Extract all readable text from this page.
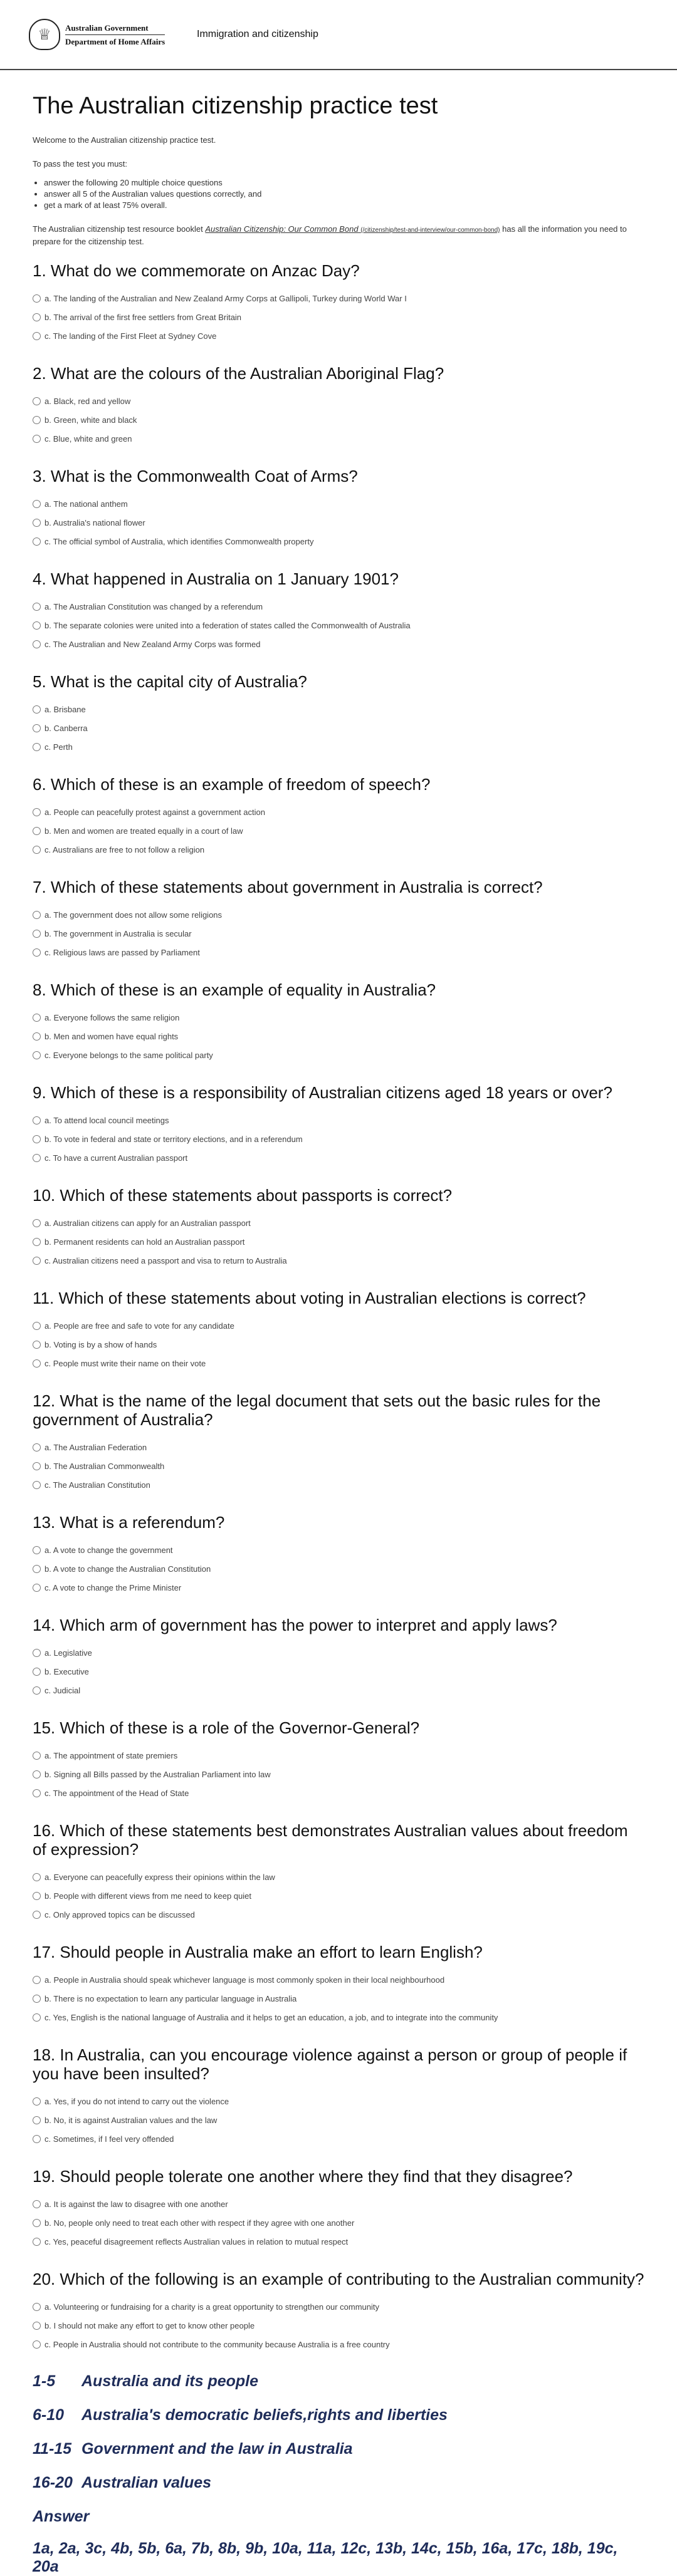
♕	Australian Government
Department of Home Affairs
Immigration and citizenship
The Australian citizenship practice test

Welcome to the Australian citizenship practice test.

To pass the test you must:

• answer the following 20 multiple choice questions
• answer all 5 of the Australian values questions correctly, and
• get a mark of at least 75% overall.

The Australian citizenship test resource booklet Australian Citizenship: Our Common Bond (/citizenship/test-and-interview/our-common-bond) has all the information you need to prepare for the citizenship test.

1. What do we commemorate on Anzac Day?
a. The landing of the Australian and New Zealand Army Corps at Gallipoli, Turkey during World War I
b. The arrival of the first free settlers from Great Britain
c. The landing of the First Fleet at Sydney Cove
2. What are the colours of the Australian Aboriginal Flag?
a. Black, red and yellow
b. Green, white and black
c. Blue, white and green
3. What is the Commonwealth Coat of Arms?
a. The national anthem
b. Australia's national flower
c. The official symbol of Australia, which identifies Commonwealth property
4. What happened in Australia on 1 January 1901?
a. The Australian Constitution was changed by a referendum
b. The separate colonies were united into a federation of states called the Commonwealth of Australia
c. The Australian and New Zealand Army Corps was formed
5. What is the capital city of Australia?
a. Brisbane
b. Canberra
c. Perth
6. Which of these is an example of freedom of speech?
a. People can peacefully protest against a government action
b. Men and women are treated equally in a court of law
c. Australians are free to not follow a religion
7. Which of these statements about government in Australia is correct?
a. The government does not allow some religions
b. The government in Australia is secular
c. Religious laws are passed by Parliament
8. Which of these is an example of equality in Australia?
a. Everyone follows the same religion
b. Men and women have equal rights
c. Everyone belongs to the same political party
9. Which of these is a responsibility of Australian citizens aged 18 years or over?
a. To attend local council meetings
b. To vote in federal and state or territory elections, and in a referendum
c. To have a current Australian passport
10. Which of these statements about passports is correct?
a. Australian citizens can apply for an Australian passport
b. Permanent residents can hold an Australian passport
c. Australian citizens need a passport and visa to return to Australia
11. Which of these statements about voting in Australian elections is correct?
a. People are free and safe to vote for any candidate
b. Voting is by a show of hands
c. People must write their name on their vote
12. What is the name of the legal document that sets out the basic rules for the government of Australia?
a. The Australian Federation
b. The Australian Commonwealth
c. The Australian Constitution
13. What is a referendum?
a. A vote to change the government
b. A vote to change the Australian Constitution
c. A vote to change the Prime Minister
14. Which arm of government has the power to interpret and apply laws?
a. Legislative
b. Executive
c. Judicial
15. Which of these is a role of the Governor-General?
a. The appointment of state premiers
b. Signing all Bills passed by the Australian Parliament into law
c. The appointment of the Head of State
16. Which of these statements best demonstrates Australian values about freedom of expression?
a. Everyone can peacefully express their opinions within the law
b. People with different views from me need to keep quiet
c. Only approved topics can be discussed
17. Should people in Australia make an effort to learn English?
a. People in Australia should speak whichever language is most commonly spoken in their local neighbourhood
b. There is no expectation to learn any particular language in Australia
c. Yes, English is the national language of Australia and it helps to get an education, a job, and to integrate into the community
18. In Australia, can you encourage violence against a person or group of people if you have been insulted?
a. Yes, if you do not intend to carry out the violence
b. No, it is against Australian values and the law
c. Sometimes, if I feel very offended
19. Should people tolerate one another where they find that they disagree?
a. It is against the law to disagree with one another
b. No, people only need to treat each other with respect if they agree with one another
c. Yes, peaceful disagreement reflects Australian values in relation to mutual respect
20. Which of the following is an example of contributing to the Australian community?
a. Volunteering or fundraising for a charity is a great opportunity to strengthen our community
b. I should not make any effort to get to know other people
c. People in Australia should not contribute to the community because Australia is a free country
1-5 Australia and its people
6-10 Australia's democratic beliefs,rights and liberties
11-15 Government and the law in Australia
16-20 Australian values
Answer
1a, 2a, 3c, 4b, 5b, 6a, 7b, 8b, 9b, 10a, 11a, 12c, 13b, 14c, 15b, 16a, 17c, 18b, 19c, 20a
